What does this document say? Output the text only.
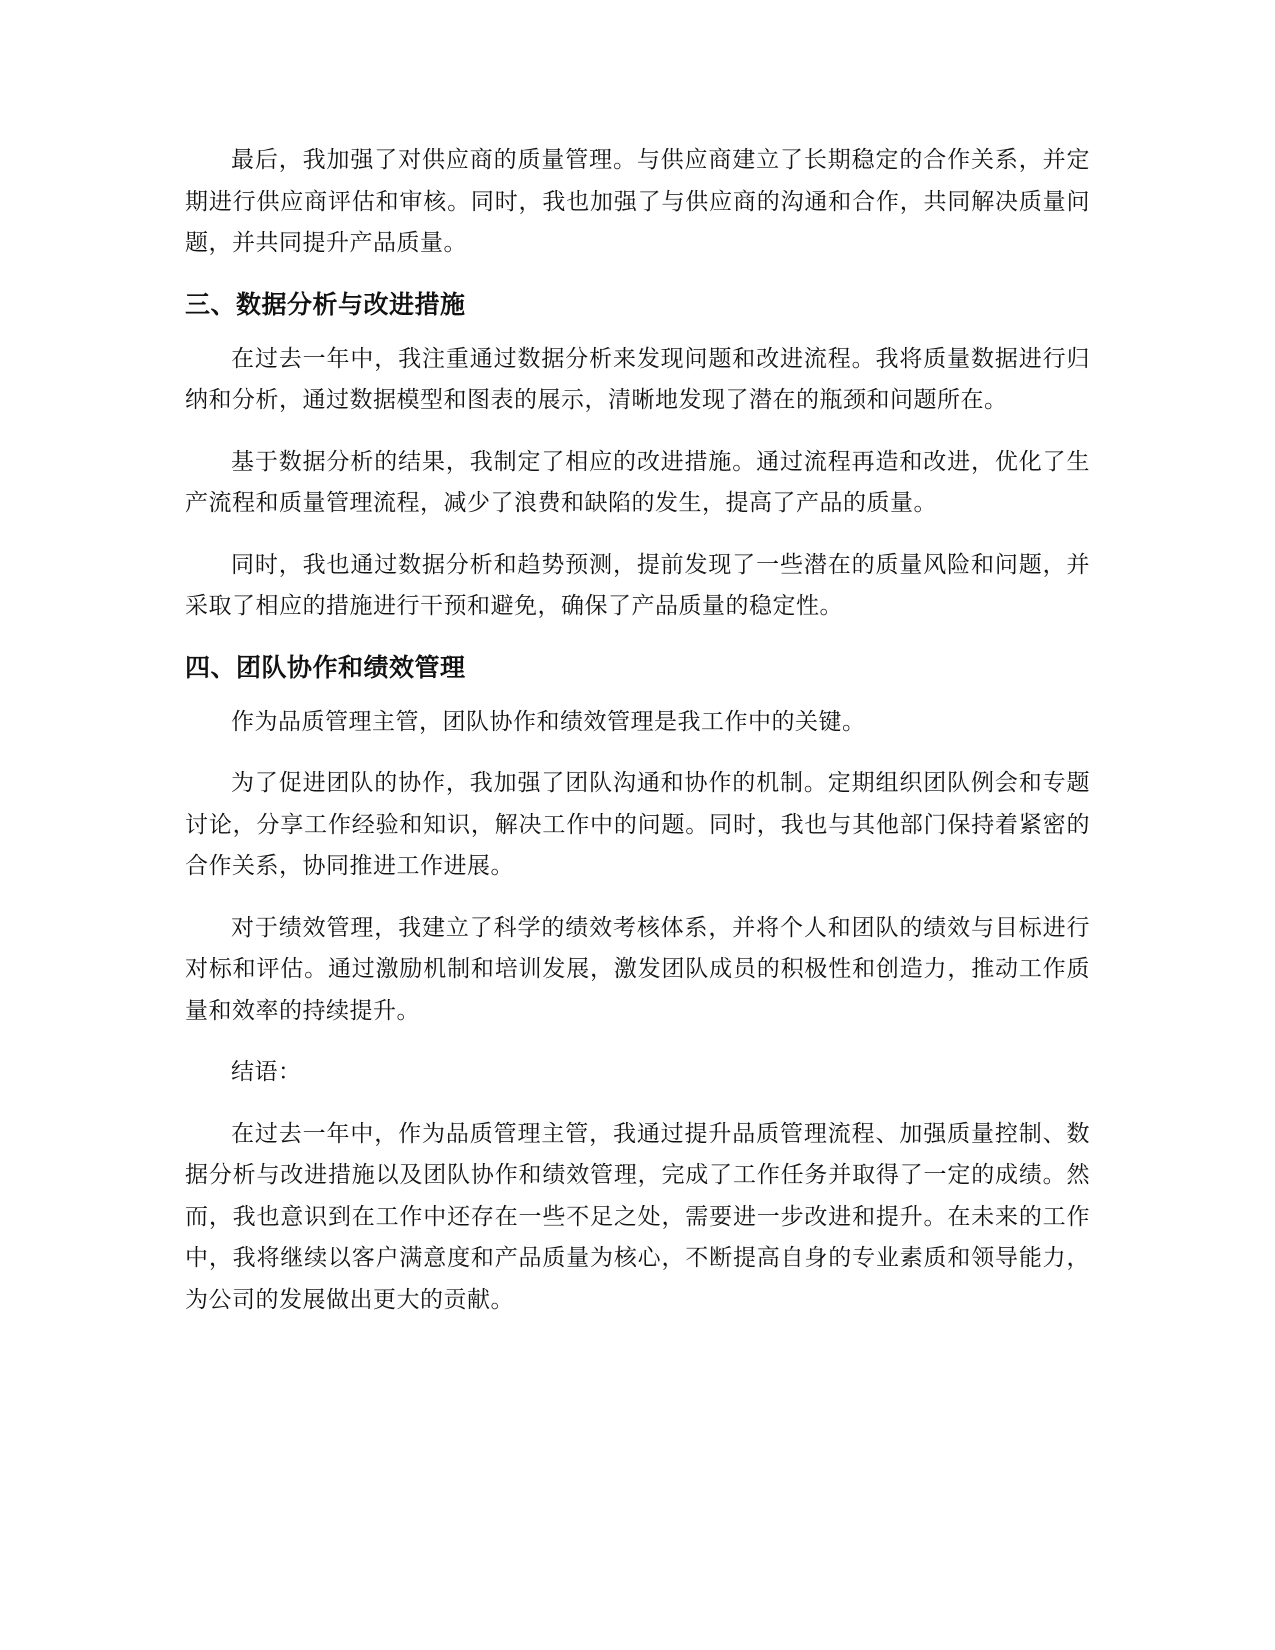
最后，我加强了对供应商的质量管理。与供应商建立了长期稳定的合作关系，并定期进行供应商评估和审核。同时，我也加强了与供应商的沟通和合作，共同解决质量问题，并共同提升产品质量。

三、数据分析与改进措施

在过去一年中，我注重通过数据分析来发现问题和改进流程。我将质量数据进行归纳和分析，通过数据模型和图表的展示，清晰地发现了潜在的瓶颈和问题所在。

基于数据分析的结果，我制定了相应的改进措施。通过流程再造和改进，优化了生产流程和质量管理流程，减少了浪费和缺陷的发生，提高了产品的质量。

同时，我也通过数据分析和趋势预测，提前发现了一些潜在的质量风险和问题，并采取了相应的措施进行干预和避免，确保了产品质量的稳定性。

四、团队协作和绩效管理

作为品质管理主管，团队协作和绩效管理是我工作中的关键。

为了促进团队的协作，我加强了团队沟通和协作的机制。定期组织团队例会和专题讨论，分享工作经验和知识，解决工作中的问题。同时，我也与其他部门保持着紧密的合作关系，协同推进工作进展。

对于绩效管理，我建立了科学的绩效考核体系，并将个人和团队的绩效与目标进行对标和评估。通过激励机制和培训发展，激发团队成员的积极性和创造力，推动工作质量和效率的持续提升。

结语：

在过去一年中，作为品质管理主管，我通过提升品质管理流程、加强质量控制、数据分析与改进措施以及团队协作和绩效管理，完成了工作任务并取得了一定的成绩。然而，我也意识到在工作中还存在一些不足之处，需要进一步改进和提升。在未来的工作中，我将继续以客户满意度和产品质量为核心，不断提高自身的专业素质和领导能力，为公司的发展做出更大的贡献。
